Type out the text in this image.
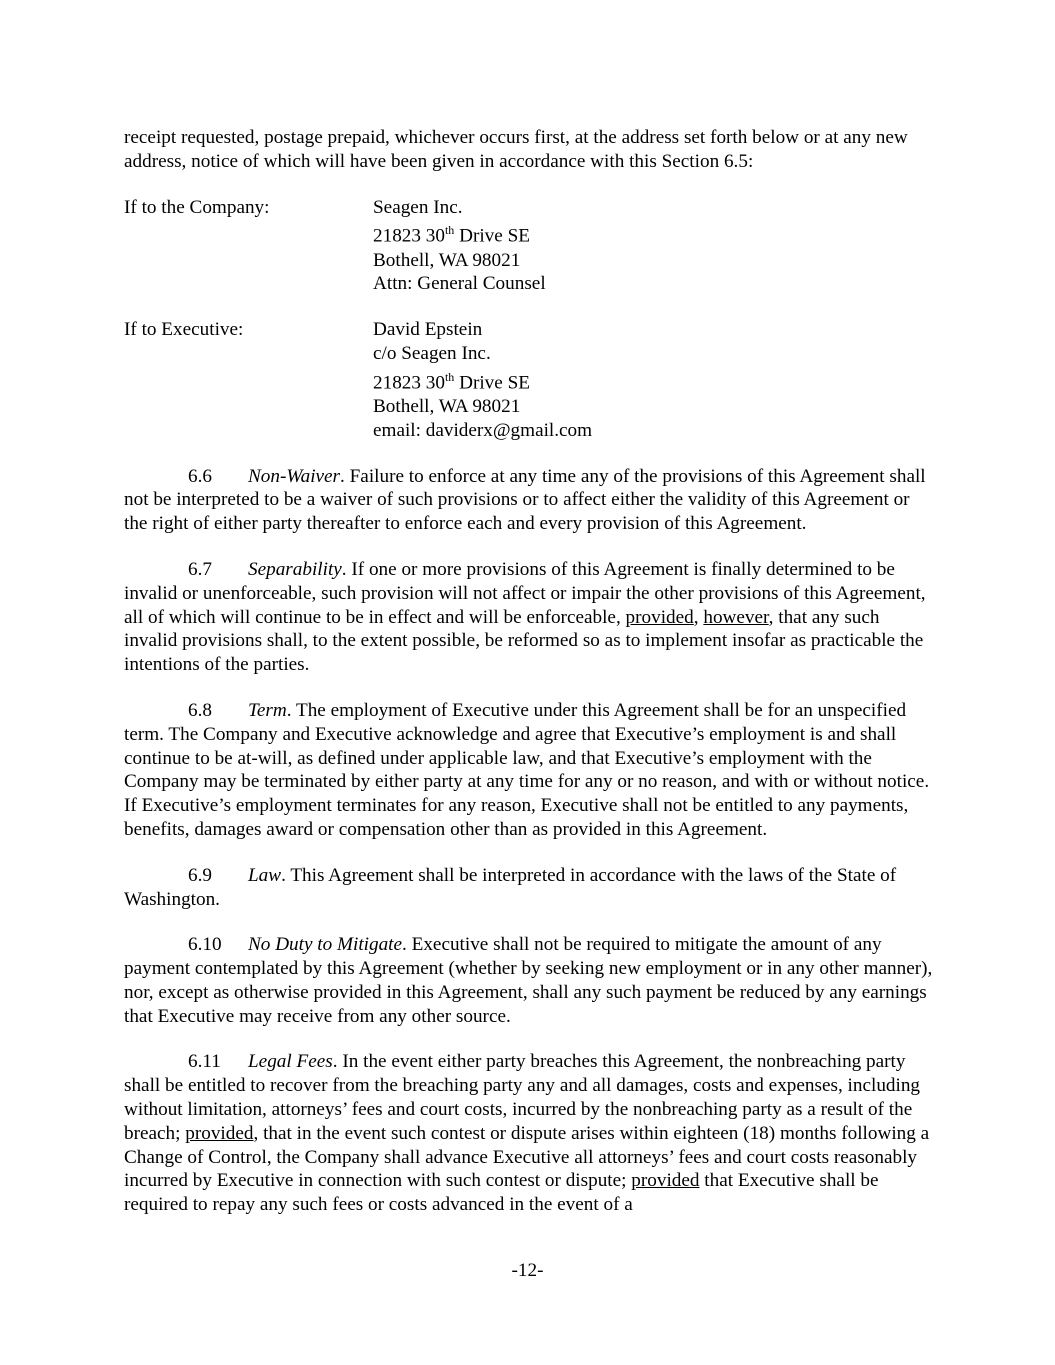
receipt requested, postage prepaid, whichever occurs first, at the address set forth below or at any new address, notice of which will have been given in accordance with this Section 6.5:

If to the Company:	Seagen Inc.
21823 30th Drive SE
Bothell, WA 98021
Attn: General Counsel
If to Executive:	David Epstein
c/o Seagen Inc.
21823 30th Drive SE
Bothell, WA 98021
email: daviderx@gmail.com

6.6 Non-Waiver. Failure to enforce at any time any of the provisions of this Agreement shall not be interpreted to be a waiver of such provisions or to affect either the validity of this Agreement or the right of either party thereafter to enforce each and every provision of this Agreement.

6.7 Separability. If one or more provisions of this Agreement is finally determined to be invalid or unenforceable, such provision will not affect or impair the other provisions of this Agreement, all of which will continue to be in effect and will be enforceable, provided, however, that any such invalid provisions shall, to the extent possible, be reformed so as to implement insofar as practicable the intentions of the parties.

6.8 Term. The employment of Executive under this Agreement shall be for an unspecified term. The Company and Executive acknowledge and agree that Executive’s employment is and shall continue to be at-will, as defined under applicable law, and that Executive’s employment with the Company may be terminated by either party at any time for any or no reason, and with or without notice. If Executive’s employment terminates for any reason, Executive shall not be entitled to any payments, benefits, damages award or compensation other than as provided in this Agreement.

6.9 Law. This Agreement shall be interpreted in accordance with the laws of the State of Washington.

6.10 No Duty to Mitigate. Executive shall not be required to mitigate the amount of any payment contemplated by this Agreement (whether by seeking new employment or in any other manner), nor, except as otherwise provided in this Agreement, shall any such payment be reduced by any earnings that Executive may receive from any other source.

6.11 Legal Fees. In the event either party breaches this Agreement, the nonbreaching party shall be entitled to recover from the breaching party any and all damages, costs and expenses, including without limitation, attorneys’ fees and court costs, incurred by the nonbreaching party as a result of the breach; provided, that in the event such contest or dispute arises within eighteen (18) months following a Change of Control, the Company shall advance Executive all attorneys’ fees and court costs reasonably incurred by Executive in connection with such contest or dispute; provided that Executive shall be required to repay any such fees or costs advanced in the event of a

-12-
